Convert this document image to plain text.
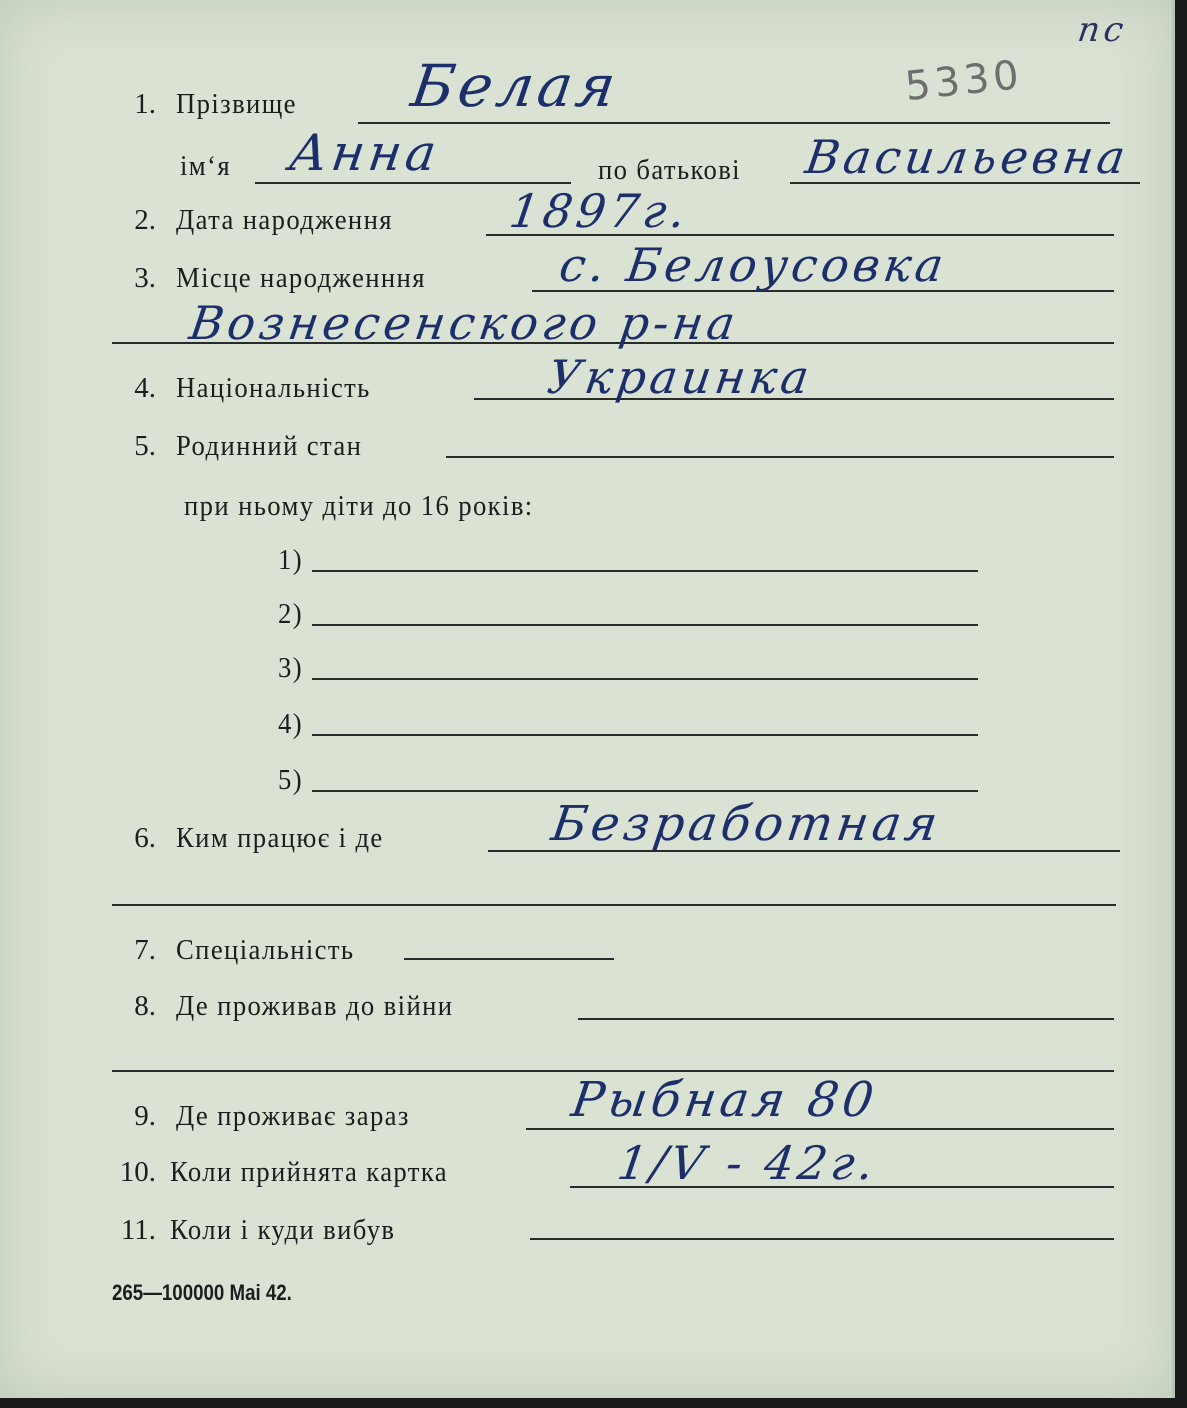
5330
пс
1. Прізвище Белая
ім‘я Анна	по батькові Васильевна
2. Дата народження 1897г.
3. Місце народженння	с. Белоусовка
Вознесенского р-на
4. Національність	Украинка
5. Родинний стан
при ньому діти до 16 років:
1)
2)
3)
4)
5)
6. Ким працює і де	Безработная
7. Спеціальність
8. Де проживав до війни
9. Де проживає зараз	Рыбная 80
10. Коли прийнята картка	1/V - 42г.
11. Коли і куди вибув
265—100000 Mai 42.
